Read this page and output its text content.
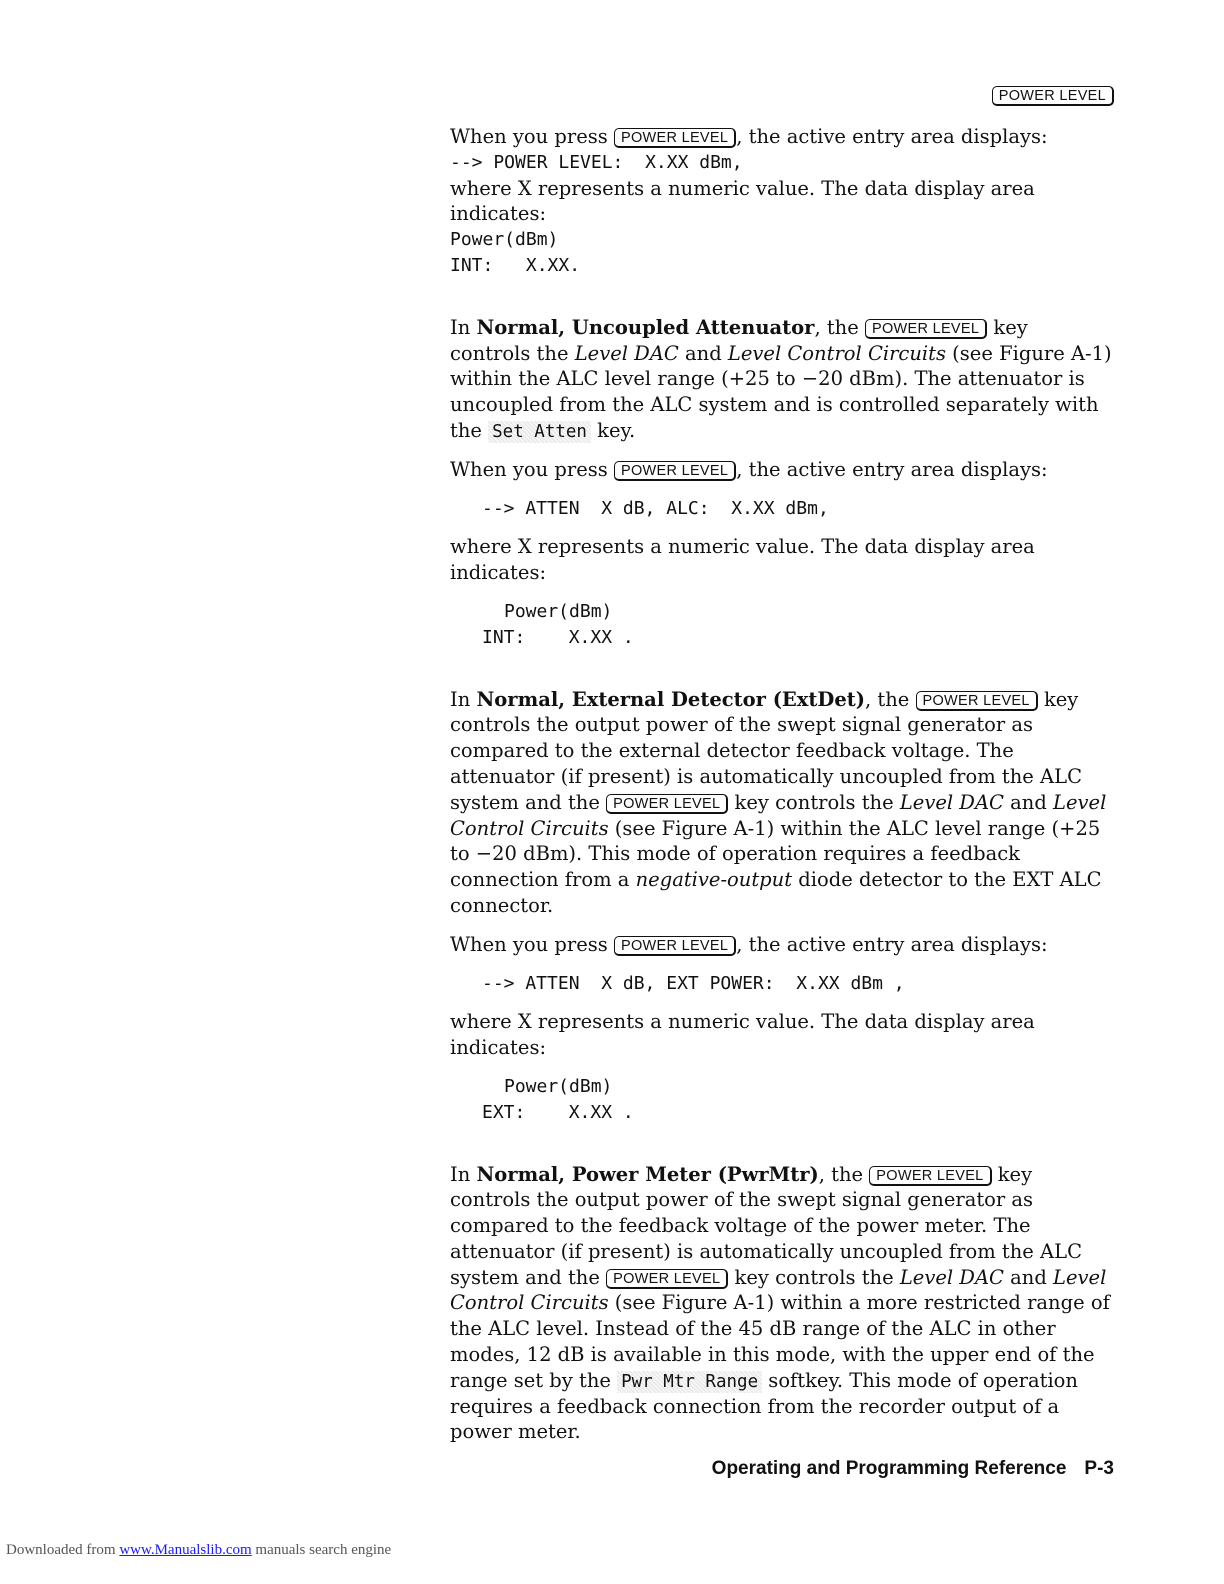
POWER LEVEL

When you press POWER LEVEL , the active entry area displays:

--> POWER LEVEL:  X.XX dBm,

where X represents a numeric value. The data display area indicates:

Power(dBm)
INT:   X.XX.

In Normal, Uncoupled Attenuator, the POWER LEVEL key controls the Level DAC and Level Control Circuits (see Figure A-1) within the ALC level range (+25 to −20 dBm). The attenuator is uncoupled from the ALC system and is controlled separately with the Set Atten key.

When you press POWER LEVEL , the active entry area displays:

--> ATTEN  X dB, ALC:  X.XX dBm,

where X represents a numeric value. The data display area indicates:

Power(dBm)
INT:    X.XX .

In Normal, External Detector (ExtDet), the POWER LEVEL key controls the output power of the swept signal generator as compared to the external detector feedback voltage. The attenuator (if present) is automatically uncoupled from the ALC system and the POWER LEVEL key controls the Level DAC and Level Control Circuits (see Figure A-1) within the ALC level range (+25 to −20 dBm). This mode of operation requires a feedback connection from a negative-output diode detector to the EXT ALC connector.

When you press POWER LEVEL , the active entry area displays:

--> ATTEN  X dB, EXT POWER:  X.XX dBm ,

where X represents a numeric value. The data display area indicates:

Power(dBm)
EXT:    X.XX .

In Normal, Power Meter (PwrMtr), the POWER LEVEL key controls the output power of the swept signal generator as compared to the feedback voltage of the power meter. The attenuator (if present) is automatically uncoupled from the ALC system and the POWER LEVEL key controls the Level DAC and Level Control Circuits (see Figure A-1) within a more restricted range of the ALC level. Instead of the 45 dB range of the ALC in other modes, 12 dB is available in this mode, with the upper end of the range set by the Pwr Mtr Range softkey. This mode of operation requires a feedback connection from the recorder output of a power meter.

Operating and Programming Reference P-3
Downloaded from www.Manualslib.com manuals search engine
